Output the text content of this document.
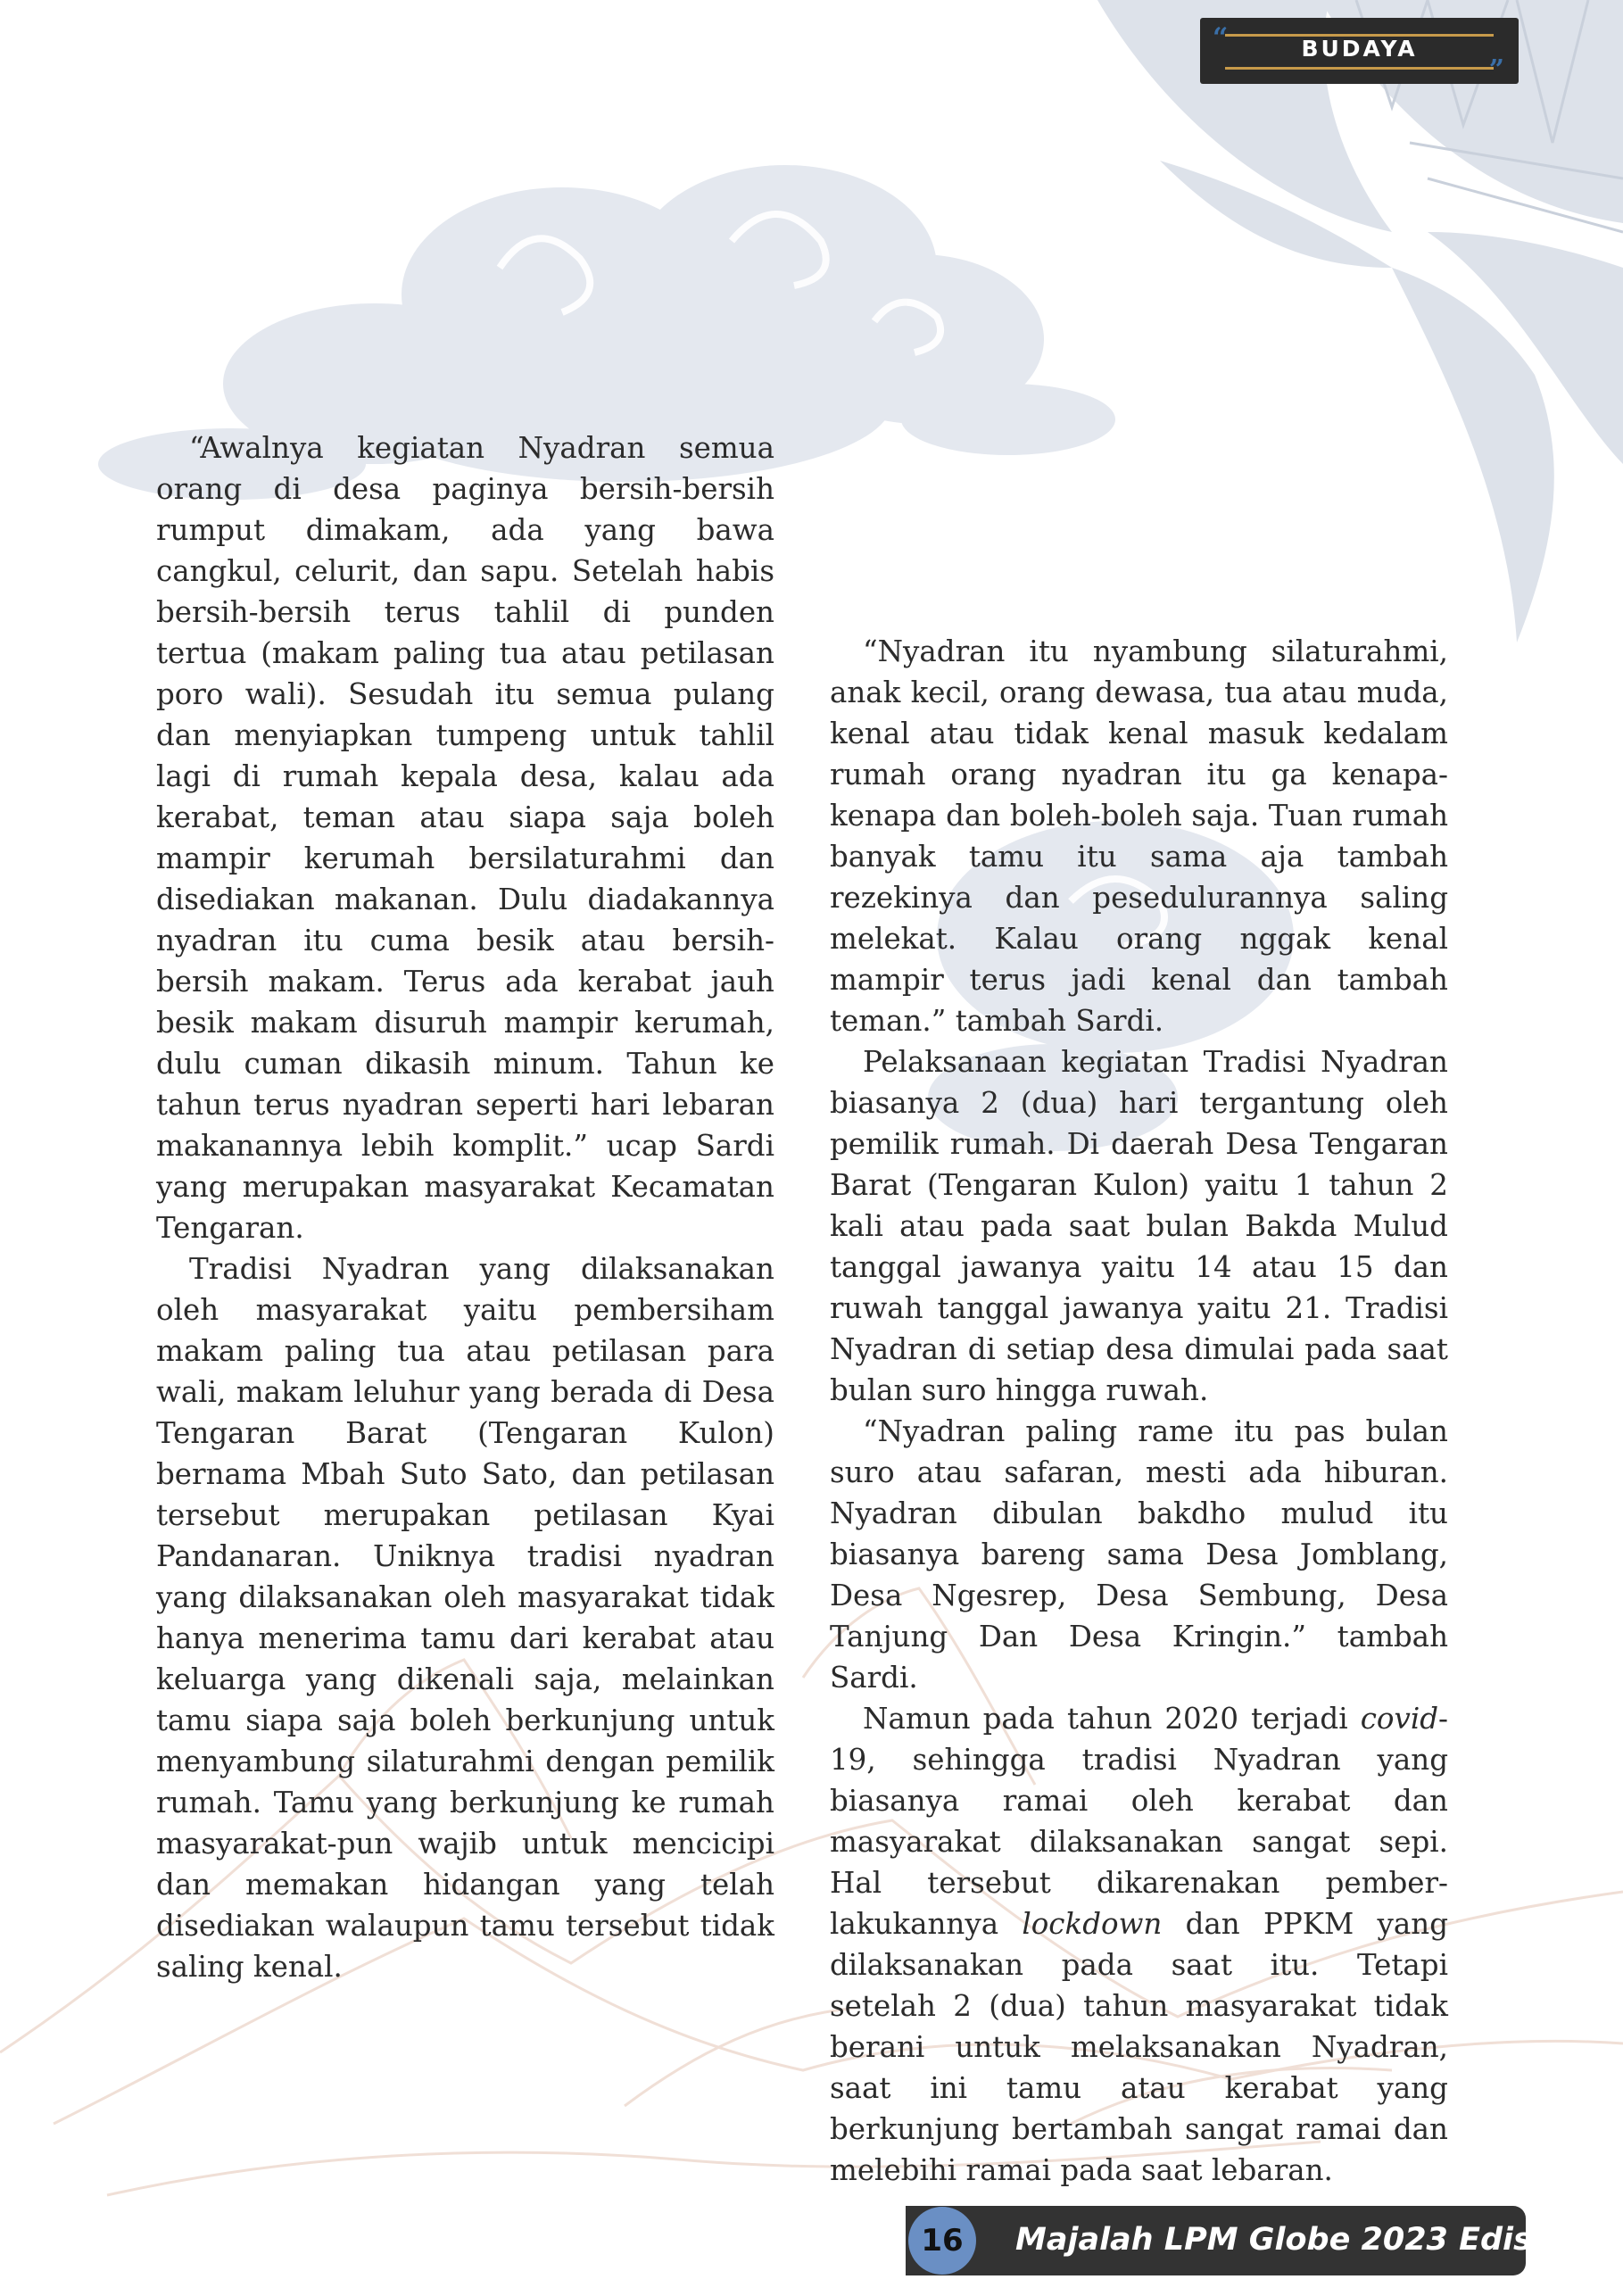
“
”
BUDAYA

“Awalnya kegiatan Nyadran semua orang di desa paginya bersih-bersih rumput dimakam, ada yang bawa cangkul, celurit, dan sapu. Setelah habis bersih-bersih terus tahlil di punden tertua (makam paling tua atau petilasan poro wali). Sesudah itu semua pulang dan menyiapkan tumpeng untuk tahlil lagi di rumah kepala desa, kalau ada kerabat, teman atau siapa saja boleh mampir kerumah bersilaturahmi dan disediakan makanan. Dulu diadakannya nyadran itu cuma besik atau bersih-bersih makam. Terus ada kerabat jauh besik makam disuruh mampir kerumah, dulu cuman dikasih minum. Tahun ke tahun terus nyadran seperti hari lebaran makanannya lebih komplit.” ucap Sardi yang merupakan masyarakat Kecamatan Tengaran.

Tradisi Nyadran yang dilaksanakan oleh masyarakat yaitu pembersiham makam paling tua atau petilasan para wali, makam leluhur yang berada di Desa Tengaran Barat (Tengaran Kulon) bernama Mbah Suto Sato, dan petilasan tersebut merupakan petilasan Kyai Pandanaran. Uniknya tradisi nyadran yang dilaksanakan oleh masyarakat tidak hanya menerima tamu dari kerabat atau keluarga yang dikenali saja, melainkan tamu siapa saja boleh berkunjung untuk menyambung silaturahmi dengan pemilik rumah. Tamu yang berkunjung ke rumah masyarakat-pun wajib untuk mencicipi dan memakan hidangan yang telah disediakan walaupun tamu tersebut tidak saling kenal.

“Nyadran itu nyambung silaturahmi, anak kecil, orang dewasa, tua atau muda, kenal atau tidak kenal masuk kedalam rumah orang nyadran itu ga kenapa-kenapa dan boleh-boleh saja. Tuan rumah banyak tamu itu sama aja tambah rezekinya dan pesedulurannya saling melekat. Kalau orang nggak kenal mampir terus jadi kenal dan tambah teman.” tambah Sardi.

Pelaksanaan kegiatan Tradisi Nyadran biasanya 2 (dua) hari tergantung oleh pemilik rumah. Di daerah Desa Tengaran Barat (Tengaran Kulon) yaitu 1 tahun 2 kali atau pada saat bulan Bakda Mulud tanggal jawanya yaitu 14 atau 15 dan ruwah tanggal jawanya yaitu 21. Tradisi Nyadran di setiap desa dimulai pada saat bulan suro hingga ruwah.

“Nyadran paling rame itu pas bulan suro atau safaran, mesti ada hiburan. Nyadran dibulan bakdho mulud itu biasanya bareng sama Desa Jomblang, Desa Ngesrep, Desa Sembung, Desa Tanjung Dan Desa Kringin.” tambah Sardi.

Namun pada tahun 2020 terjadi covid-19, sehingga tradisi Nyadran yang biasanya ramai oleh kerabat dan masyarakat dilaksanakan sangat sepi. Hal tersebut dikarenakan pemberlakukannya lockdown dan PPKM yang dilaksanakan pada saat itu. Tetapi setelah 2 (dua) tahun masyarakat tidak berani untuk melaksanakan Nyadran, saat ini tamu atau kerabat yang berkunjung bertambah sangat ramai dan melebihi ramai pada saat lebaran.

16	Majalah LPM Globe 2023 Edisi I
